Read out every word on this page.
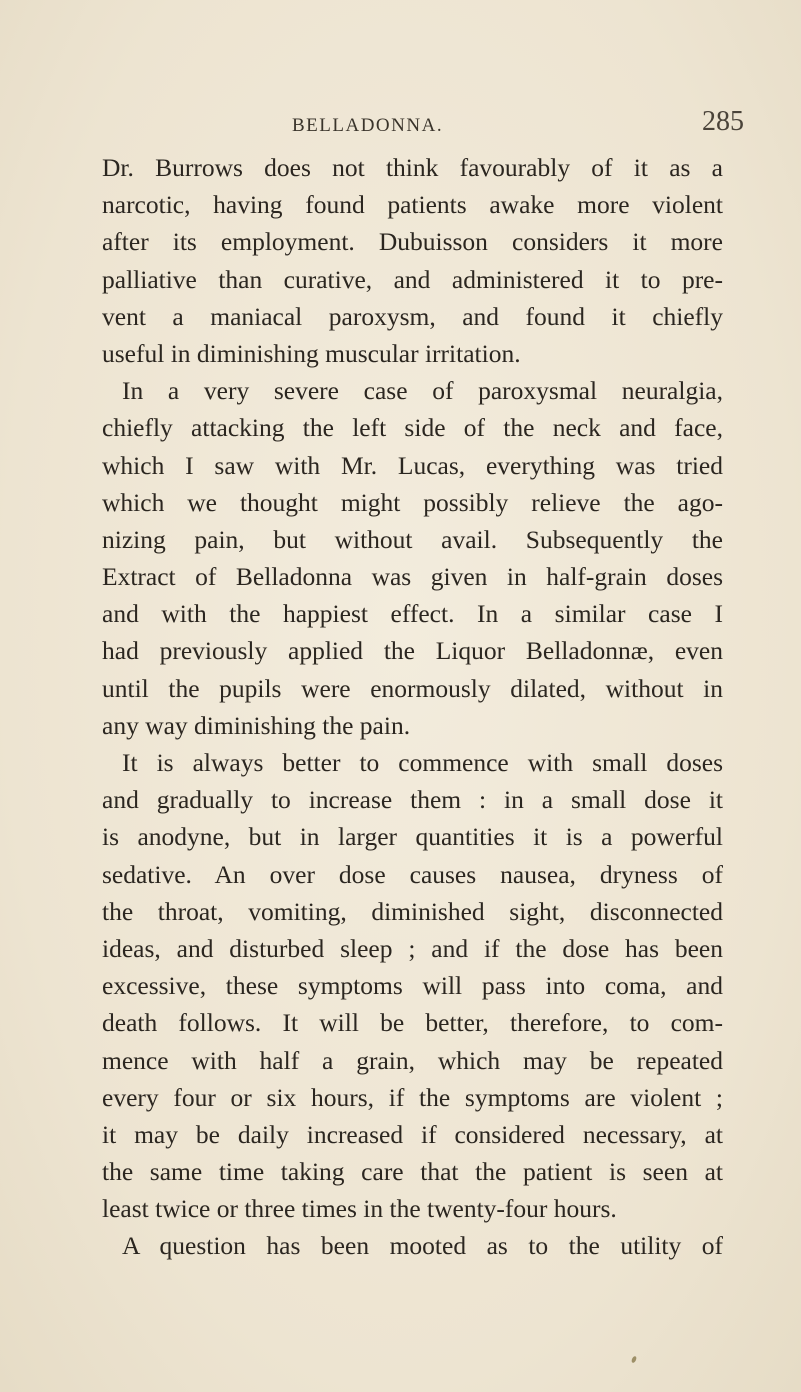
BELLADONNA.	285
Dr. Burrows does not think favourably of it as a
narcotic, having found patients awake more violent
after its employment. Dubuisson considers it more
palliative than curative, and administered it to pre-
vent a maniacal paroxysm, and found it chiefly
useful in diminishing muscular irritation.
In a very severe case of paroxysmal neuralgia,
chiefly attacking the left side of the neck and face,
which I saw with Mr. Lucas, everything was tried
which we thought might possibly relieve the ago-
nizing pain, but without avail. Subsequently the
Extract of Belladonna was given in half-grain doses
and with the happiest effect. In a similar case I
had previously applied the Liquor Belladonnæ, even
until the pupils were enormously dilated, without in
any way diminishing the pain.
It is always better to commence with small doses
and gradually to increase them : in a small dose it
is anodyne, but in larger quantities it is a powerful
sedative. An over dose causes nausea, dryness of
the throat, vomiting, diminished sight, disconnected
ideas, and disturbed sleep ; and if the dose has been
excessive, these symptoms will pass into coma, and
death follows. It will be better, therefore, to com-
mence with half a grain, which may be repeated
every four or six hours, if the symptoms are violent ;
it may be daily increased if considered necessary, at
the same time taking care that the patient is seen at
least twice or three times in the twenty-four hours.
A question has been mooted as to the utility of
